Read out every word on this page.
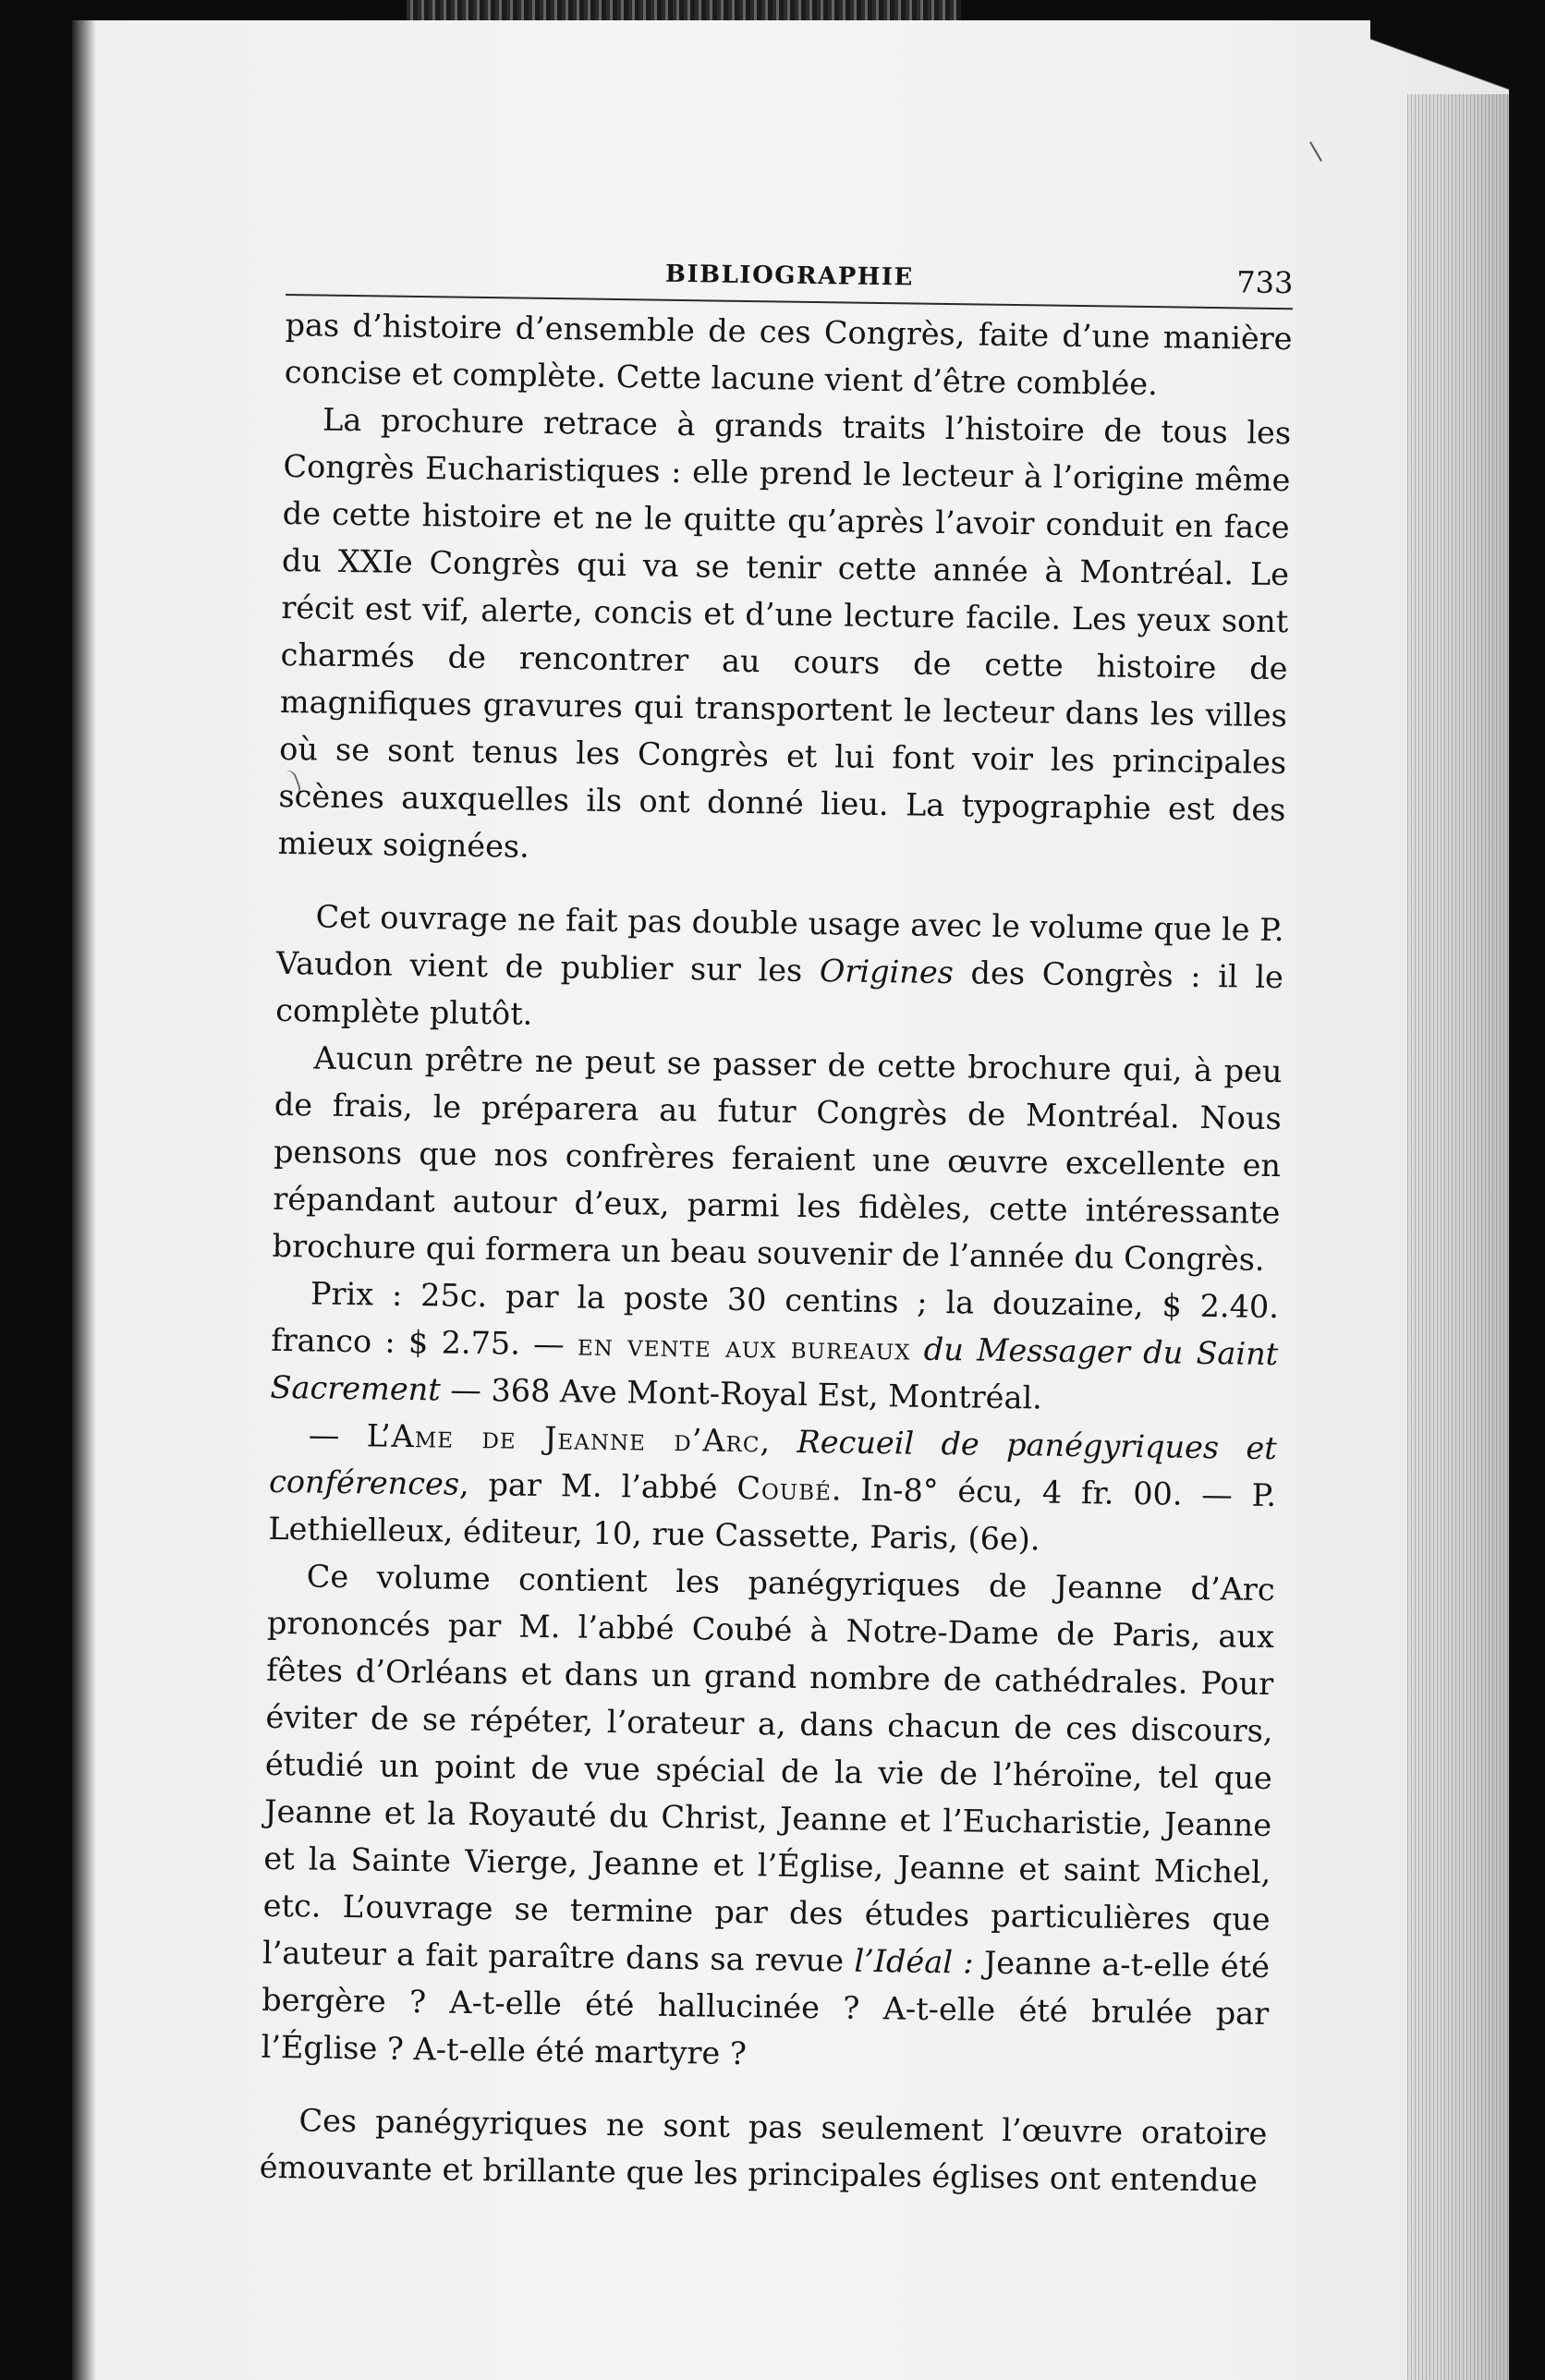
BIBLIOGRAPHIE	733

pas d’histoire d’ensemble de ces Congrès, faite d’une manière concise et complète. Cette lacune vient d’être comblée.

La prochure retrace à grands traits l’histoire de tous les Congrès Eucharistiques : elle prend le lecteur à l’origine même de cette histoire et ne le quitte qu’après l’avoir conduit en face du XXIe Congrès qui va se tenir cette année à Montréal. Le récit est vif, alerte, concis et d’une lecture facile. Les yeux sont charmés de rencontrer au cours de cette histoire de magnifiques gravures qui transportent le lecteur dans les villes où se sont tenus les Congrès et lui font voir les principales scènes auxquelles ils ont donné lieu. La typographie est des mieux soignées.

Cet ouvrage ne fait pas double usage avec le volume que le P. Vaudon vient de publier sur les Origines des Congrès : il le complète plutôt.

Aucun prêtre ne peut se passer de cette brochure qui, à peu de frais, le préparera au futur Congrès de Montréal. Nous pensons que nos confrères feraient une œuvre excellente en répandant autour d’eux, parmi les fidèles, cette intéressante brochure qui formera un beau souvenir de l’année du Congrès.

Prix : 25c. par la poste 30 centins ; la douzaine, $ 2.40. franco : $ 2.75. — en vente aux bureaux du Messager du Saint Sacrement — 368 Ave Mont-Royal Est, Montréal.

— L’Ame de Jeanne d’Arc, Recueil de panégyriques et conférences, par M. l’abbé Coubé. In-8° écu, 4 fr. 00. — P. Lethielleux, éditeur, 10, rue Cassette, Paris, (6e).

Ce volume contient les panégyriques de Jeanne d’Arc prononcés par M. l’abbé Coubé à Notre-Dame de Paris, aux fêtes d’Orléans et dans un grand nombre de cathédrales. Pour éviter de se répéter, l’orateur a, dans chacun de ces discours, étudié un point de vue spécial de la vie de l’héroïne, tel que Jeanne et la Royauté du Christ, Jeanne et l’Eucharistie, Jeanne et la Sainte Vierge, Jeanne et l’Église, Jeanne et saint Michel, etc. L’ouvrage se termine par des études particulières que l’auteur a fait paraître dans sa revue l’Idéal : Jeanne a-t-elle été bergère ? A-t-elle été hallucinée ? A-t-elle été brulée par l’Église ? A-t-elle été martyre ?

Ces panégyriques ne sont pas seulement l’œuvre oratoire émouvante et brillante que les principales églises ont entendue
